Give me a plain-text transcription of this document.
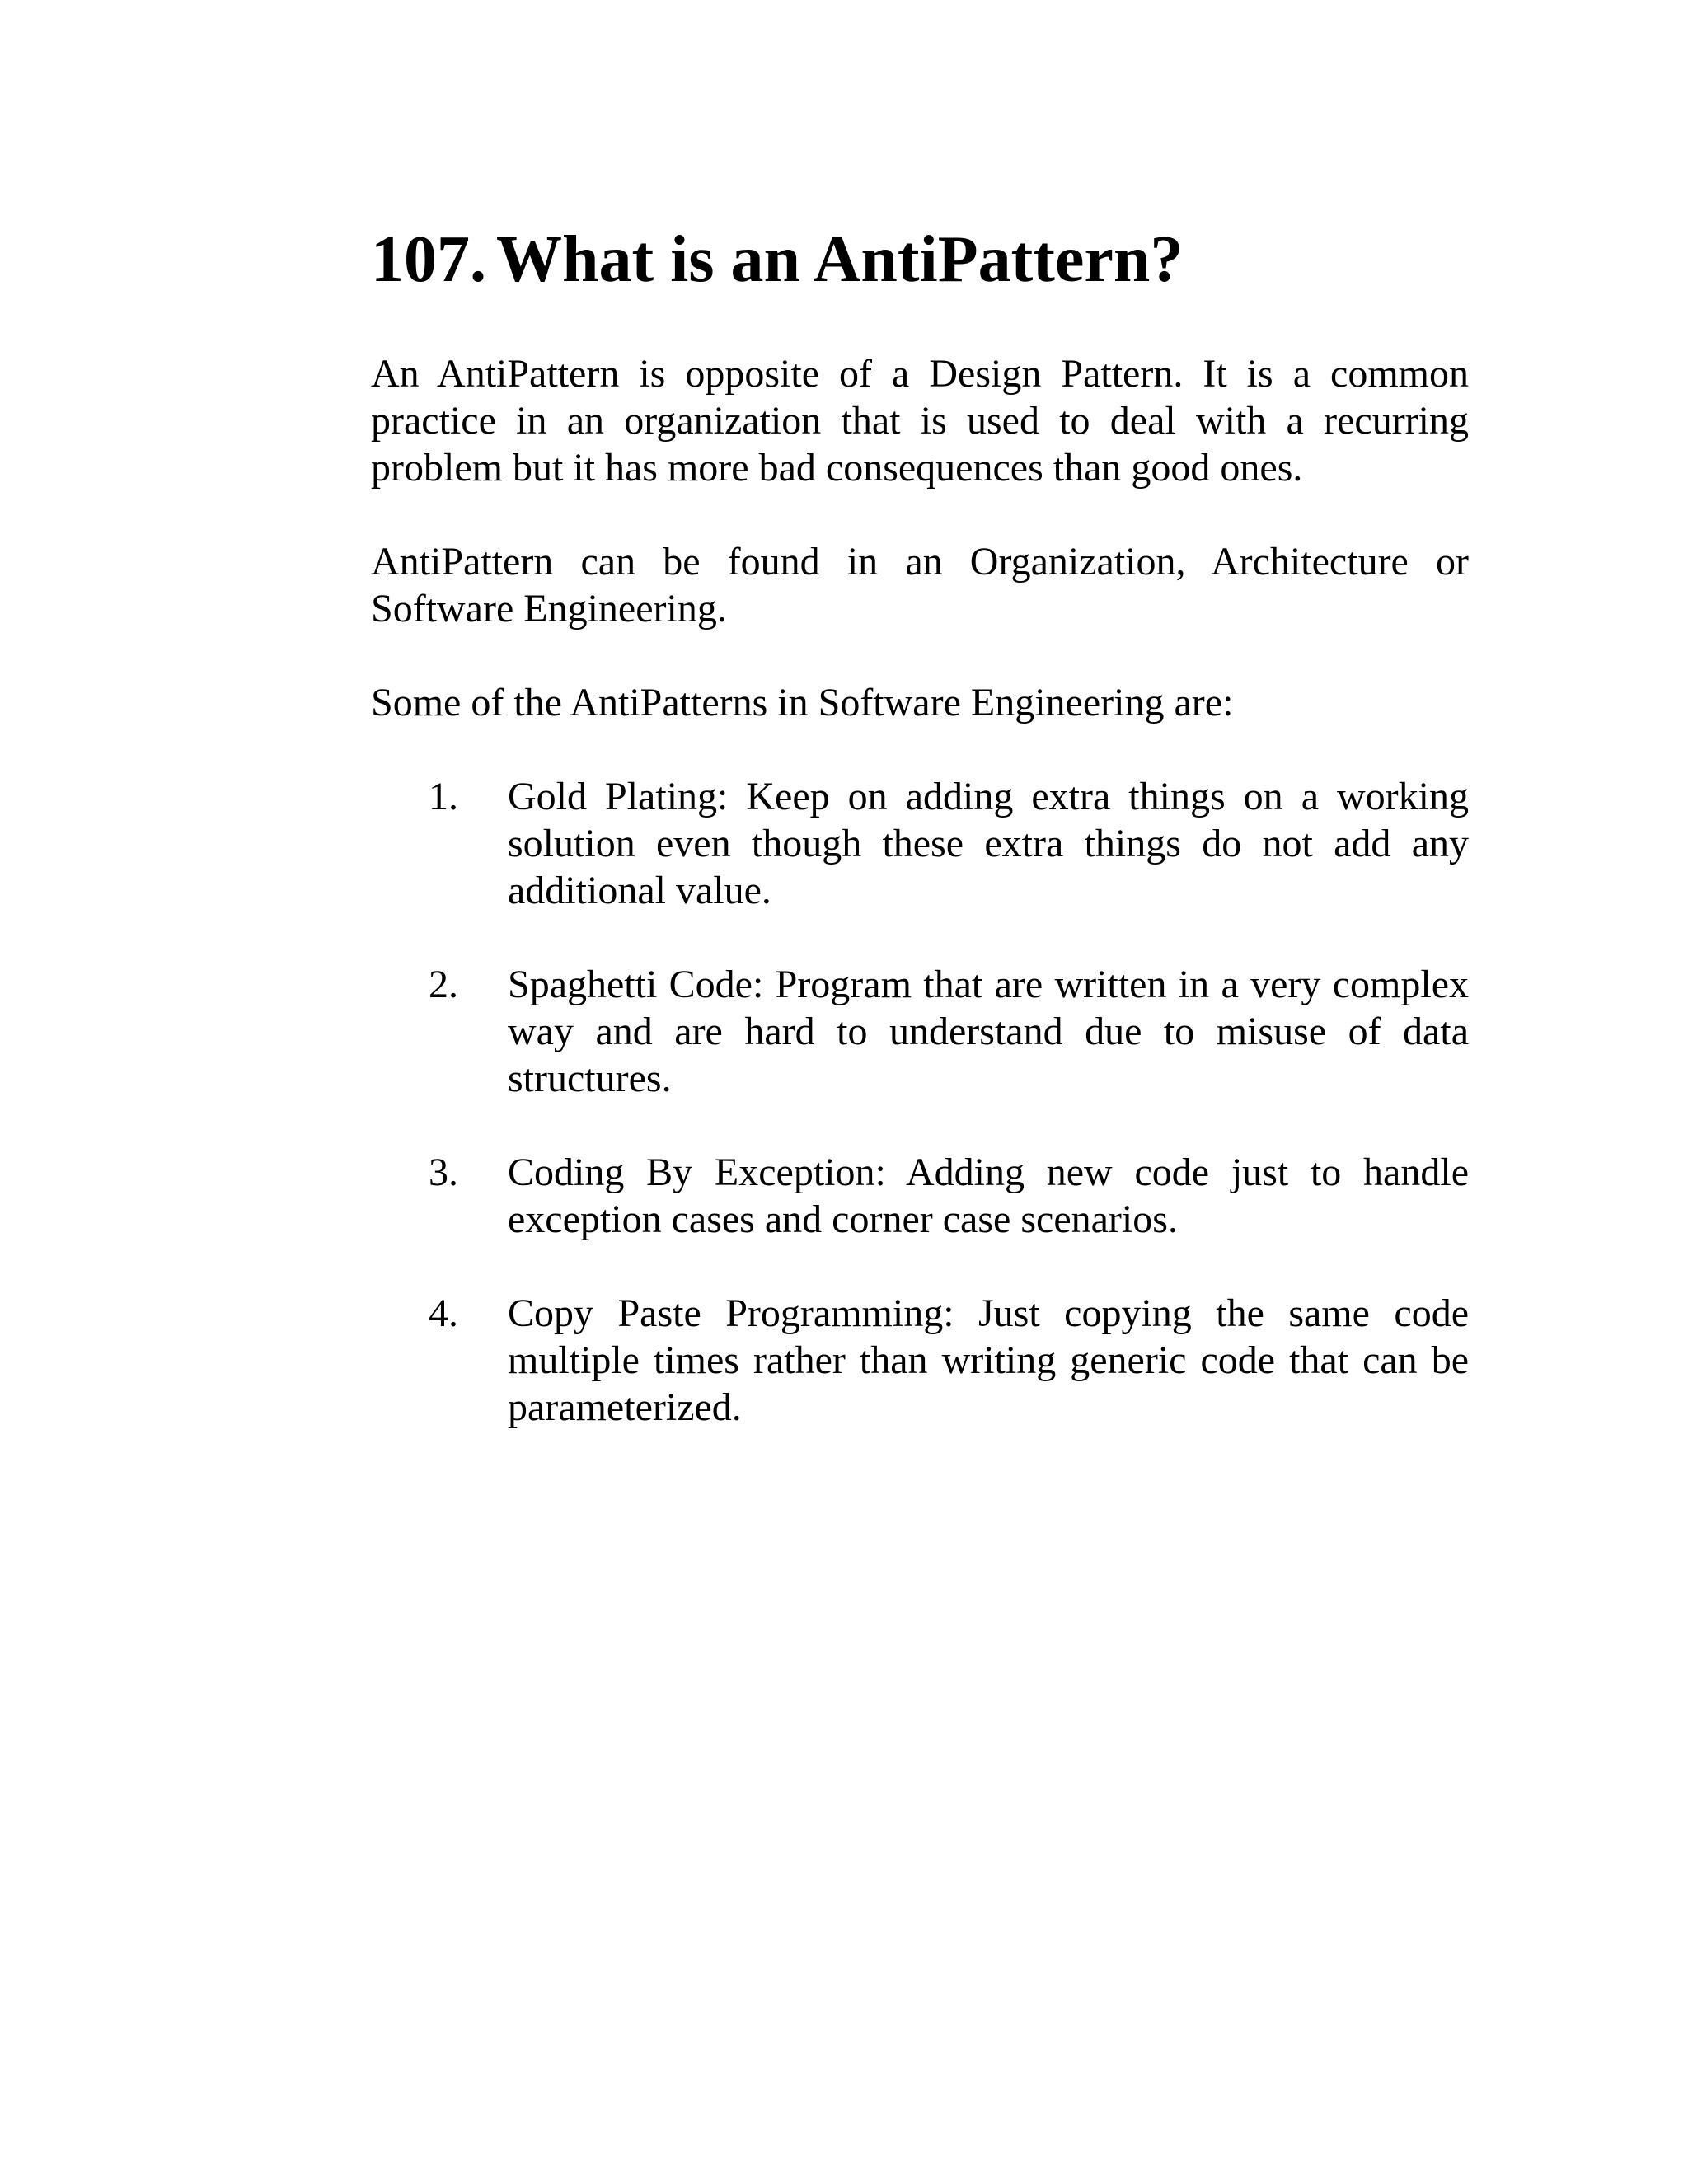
107. What is an AntiPattern?

An AntiPattern is opposite of a Design Pattern. It is a common practice in an organization that is used to deal with a recurring problem but it has more bad consequences than good ones.

AntiPattern can be found in an Organization, Architecture or Software Engineering.

Some of the AntiPatterns in Software Engineering are:

1.	Gold Plating: Keep on adding extra things on a working solution even though these extra things do not add any additional value.
2.	Spaghetti Code: Program that are written in a very complex way and are hard to understand due to misuse of data structures.
3.	Coding By Exception: Adding new code just to handle exception cases and corner case scenarios.
4.	Copy Paste Programming: Just copying the same code multiple times rather than writing generic code that can be parameterized.
